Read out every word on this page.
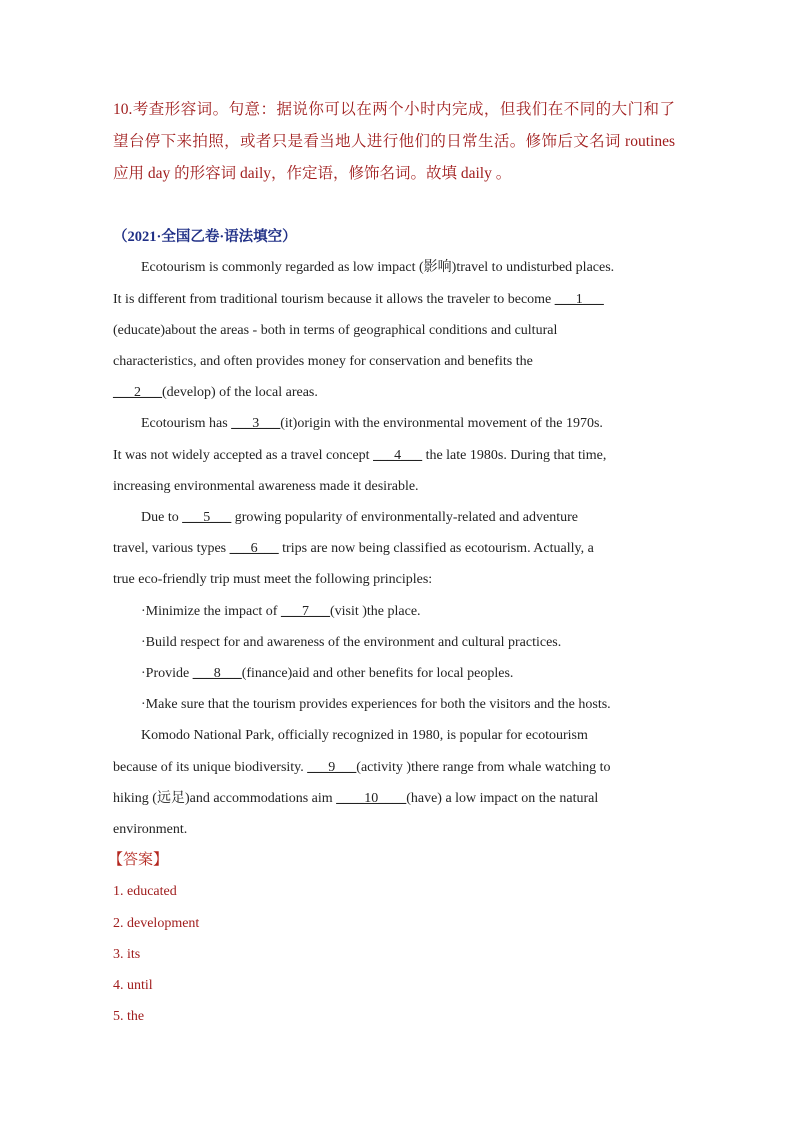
10.考查形容词。句意：据说你可以在两个小时内完成，但我们在不同的大门和了
望台停下来拍照，或者只是看当地人进行他们的日常生活。修饰后文名词 routines
应用 day 的形容词 daily，作定语，修饰名词。故填 daily 。
（2021·全国乙卷·语法填空）
Ecotourism is commonly regarded as low impact (影响)travel to undisturbed places.
It is different from traditional tourism because it allows the traveler to become ___1___
(educate)about the areas - both in terms of geographical conditions and cultural
characteristics, and often provides money for conservation and benefits the
___2___(develop) of the local areas.
Ecotourism has ___3___(it)origin with the environmental movement of the 1970s.
It was not widely accepted as a travel concept ___4___ the late 1980s. During that time,
increasing environmental awareness made it desirable.
Due to ___5___ growing popularity of environmentally-related and adventure
travel, various types ___6___ trips are now being classified as ecotourism. Actually, a
true eco-friendly trip must meet the following principles:
·Minimize the impact of ___7___(visit )the place.
·Build respect for and awareness of the environment and cultural practices.
·Provide ___8___(finance)aid and other benefits for local peoples.
·Make sure that the tourism provides experiences for both the visitors and the hosts.
Komodo National Park, officially recognized in 1980, is popular for ecotourism
because of its unique biodiversity. ___9___(activity )there range from whale watching to
hiking (远足)and accommodations aim ____10____(have) a low impact on the natural
environment.
【答案】
1. educated
2. development
3. its
4. until
5. the
